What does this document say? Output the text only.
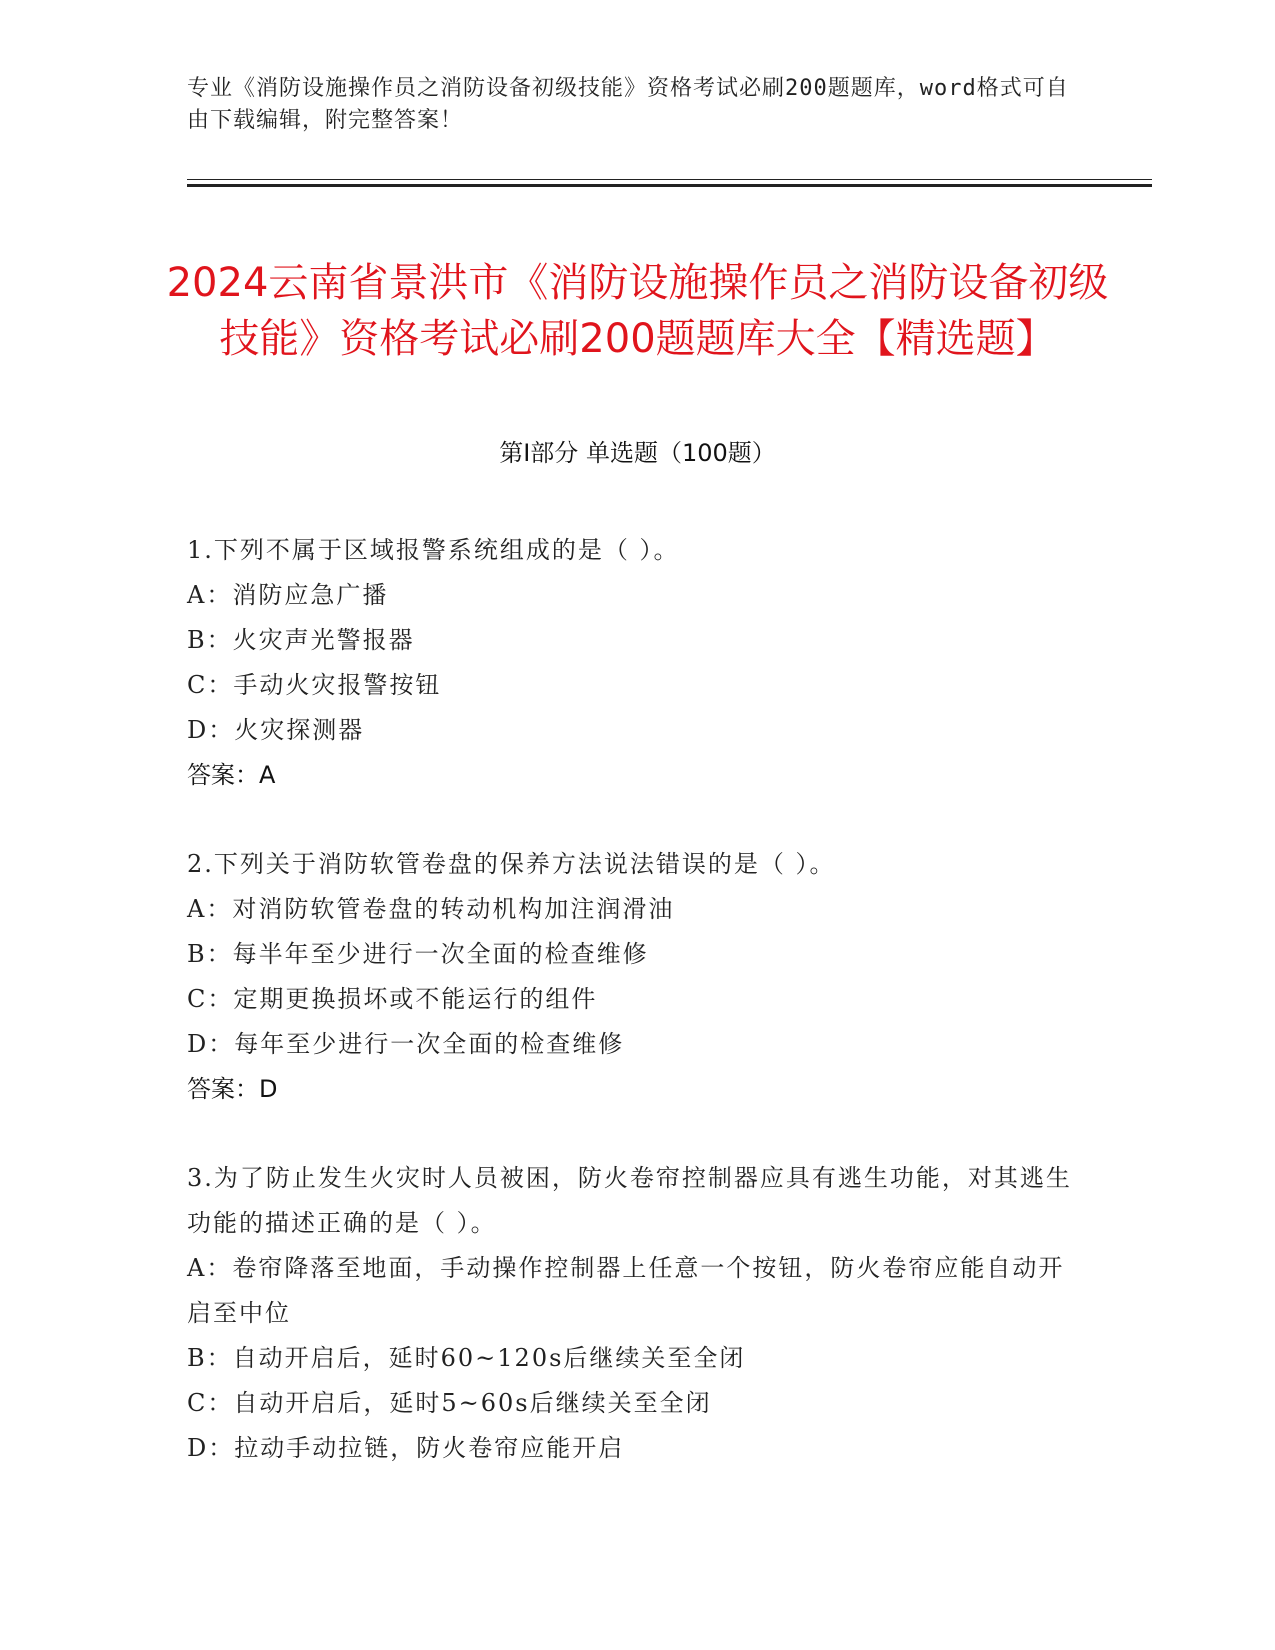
专业《消防设施操作员之消防设备初级技能》资格考试必刷200题题库，word格式可自由下载编辑，附完整答案！
2024云南省景洪市《消防设施操作员之消防设备初级技能》资格考试必刷200题题库大全【精选题】
第Ⅰ部分 单选题（100题）

1.下列不属于区域报警系统组成的是（ ）。

A：消防应急广播

B：火灾声光警报器

C：手动火灾报警按钮

D：火灾探测器

答案：A

2.下列关于消防软管卷盘的保养方法说法错误的是（ ）。

A：对消防软管卷盘的转动机构加注润滑油

B：每半年至少进行一次全面的检查维修

C：定期更换损坏或不能运行的组件

D：每年至少进行一次全面的检查维修

答案：D

3.为了防止发生火灾时人员被困，防火卷帘控制器应具有逃生功能，对其逃生功能的描述正确的是（ ）。

A：卷帘降落至地面，手动操作控制器上任意一个按钮，防火卷帘应能自动开启至中位

B：自动开启后，延时60~120s后继续关至全闭

C：自动开启后，延时5~60s后继续关至全闭

D：拉动手动拉链，防火卷帘应能开启
